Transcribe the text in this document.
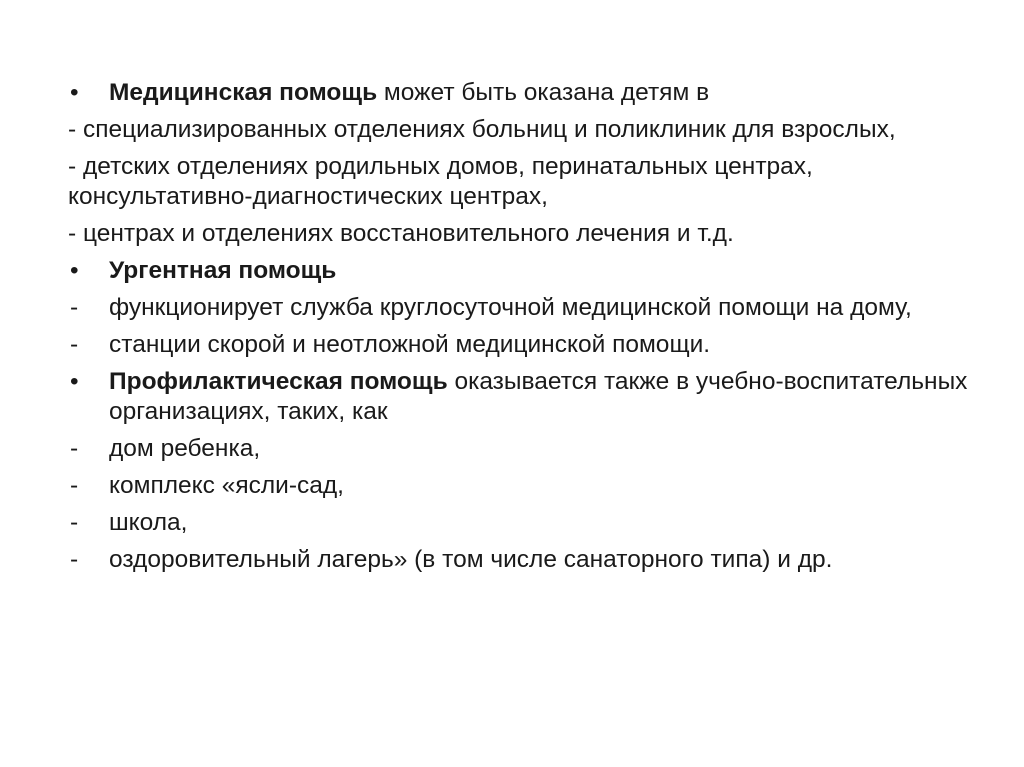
•	Медицинская помощь может быть оказана детям в
- специализированных отделениях больниц и поликлиник для взрослых,
- детских отделениях родильных домов, перинатальных центрах, консультативно-диагностических центрах,
- центрах и отделениях восстановительного лечения и т.д.
•	Ургентная помощь
-	функционирует служба круглосуточной медицинской помощи на дому,
-	станции скорой и неотложной медицинской помощи.
•	Профилактическая помощь оказывается также в учебно-воспитательных организациях, таких, как
-	дом ребенка,
-	комплекс «ясли-сад,
-	школа,
-	оздоровительный лагерь» (в том числе санаторного типа) и др.
